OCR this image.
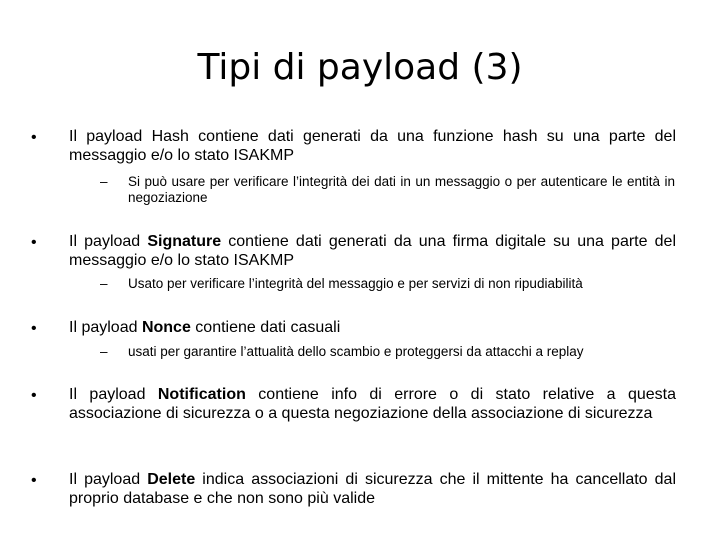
Tipi di payload (3)
• Il payload Hash contiene dati generati da una funzione hash su una parte del messaggio e/o lo stato ISAKMP
– Si può usare per verificare l’integrità dei dati in un messaggio o per autenticare le entità in negoziazione
• Il payload Signature contiene dati generati da una firma digitale su una parte del messaggio e/o lo stato ISAKMP
– Usato per verificare l’integrità del messaggio e per servizi di non ripudiabilità
• Il payload Nonce contiene dati casuali
– usati per garantire l’attualità dello scambio e proteggersi da attacchi a replay
• Il payload Notification contiene info di errore o di stato relative a questa associazione di sicurezza o a questa negoziazione della associazione di sicurezza
• Il payload Delete indica associazioni di sicurezza che il mittente ha cancellato dal proprio database e che non sono più valide
